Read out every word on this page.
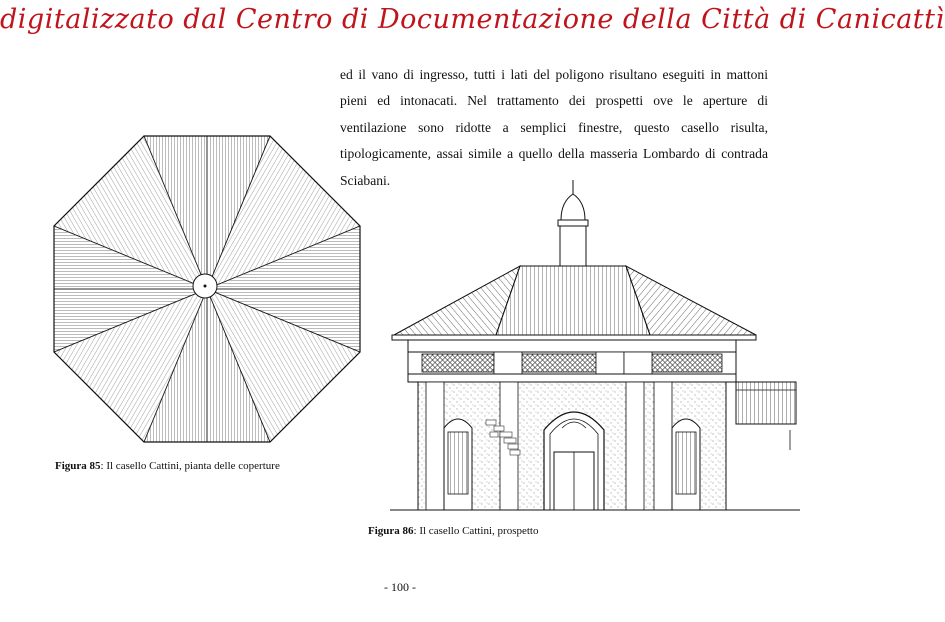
digitalizzato dal Centro di Documentazione della Città di Canicattì
ed il vano di ingresso, tutti i lati del poligono risultano eseguiti in mattoni pieni ed intonacati. Nel trattamento dei prospetti ove le aperture di ventilazione sono ridotte a semplici finestre, questo casello risulta, tipologicamente, assai simile a quello della masseria Lombardo di contrada Sciabani.
Figura 85: Il casello Cattini, pianta delle coperture
Figura 86: Il casello Cattini, prospetto
- 100 -
